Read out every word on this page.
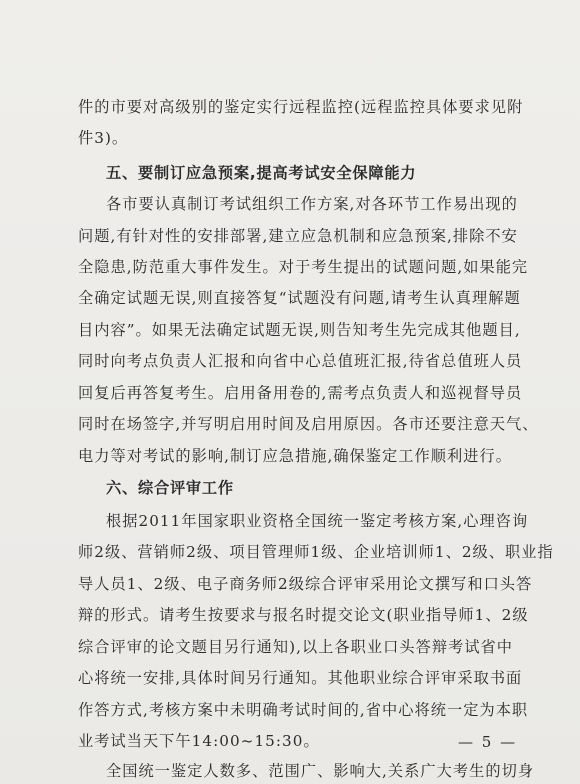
件的市要对高级别的鉴定实行远程监控(远程监控具体要求见附
件3)。
五、要制订应急预案,提高考试安全保障能力
各市要认真制订考试组织工作方案,对各环节工作易出现的
问题,有针对性的安排部署,建立应急机制和应急预案,排除不安
全隐患,防范重大事件发生。对于考生提出的试题问题,如果能完
全确定试题无误,则直接答复“试题没有问题,请考生认真理解题
目内容”。如果无法确定试题无误,则告知考生先完成其他题目,
同时向考点负责人汇报和向省中心总值班汇报,待省总值班人员
回复后再答复考生。启用备用卷的,需考点负责人和巡视督导员
同时在场签字,并写明启用时间及启用原因。各市还要注意天气、
电力等对考试的影响,制订应急措施,确保鉴定工作顺利进行。
六、综合评审工作
根据2011年国家职业资格全国统一鉴定考核方案,心理咨询
师2级、营销师2级、项目管理师1级、企业培训师1、2级、职业指
导人员1、2级、电子商务师2级综合评审采用论文撰写和口头答
辩的形式。请考生按要求与报名时提交论文(职业指导师1、2级
综合评审的论文题目另行通知),以上各职业口头答辩考试省中
心将统一安排,具体时间另行通知。其他职业综合评审采取书面
作答方式,考核方案中未明确考试时间的,省中心将统一定为本职
业考试当天下午14:00~15:30。
全国统一鉴定人数多、范围广、影响大,关系广大考生的切身
— 5 —
